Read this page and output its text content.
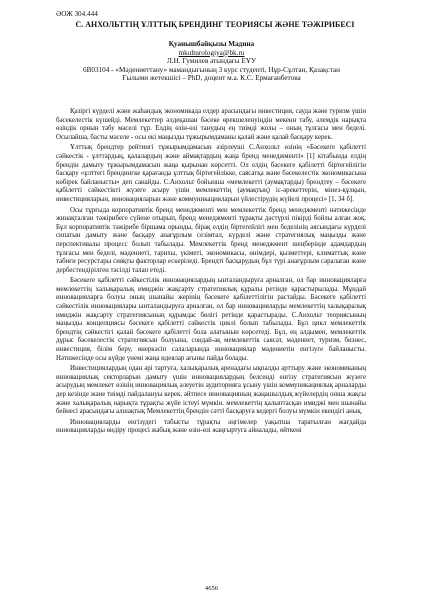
ӘОЖ 304.444
С. АНХОЛЬТТІҢ ҰЛТТЫҚ БРЕНДИНГ ТЕОРИЯСЫ ЖӘНЕ ТӘЖІРИБЕСІ
Қуанышбайқызы Мадина
mkulturologiya@bk.ru
Л.Н. Гумилев атындағы ЕҰУ
6В03104 - «Мәдениеттану» мамандығының 3 курс студенті, Нұр-Сұлтан, Қазақстан
Ғылыми жетекшісі – PhD, доцент м.а. К.С. Ермағанбетова

Қазіргі күрделі және жаһандық экономикада елдер арасындағы инвестиция, сауда және туризм үшін бәсекелестік күшейді. Мемлекеттер әлдеқашан бәсеке өрекшеленуіңдін мекенн табу, әлемдік нарықта өзіндік орнын табу мәселі тұр. Елдің өзін-өзі танудың ең тиімді жолы – оның тұлғасы мен беделі. Осылайша, басты мәселе - осы екі маңызды тұжырымдаманы қалай және қалай басқару керек.

Ұлттық брендтер рейтингі тұжырымдамасын әзірлеуші С.Анхольт өзінің «Бәсекеге қабілетті сәйкестік - ұлттардың, қалалардың және аймақтардың жаңа бренд менеджменті» [1] кітабында елдің брендін дамыту тұжырымдамасын жаңа қырынан көрсетті. Ол елдің бәсекеге қабілетті біртегейлігін басқару «ұлттегі брендингке қарағанда ұлттық біртегейлікке, саясатқа және бәсекелестік экономикасына көбірек байланысты» деп санайды. С.Анхольт бойынша «мемлекетті (аумақтарды) брендтеу – бәсекеге қабілетті сәйкестікті жүзеге асыру үшін мемлекеттің (аумақтың) іс-әрекеттерін, мінез-құлқын, инвестицияларын, инновацияларын және коммуникацияларын үйлестірудің жүйелі процесі» [1, 34 б].

Осы тұрғыда корпоративтік бренд менеджменті мен мемлекеттік бренд менеджменті нәтижесінде жинақталған тәжірибеге сүйене отырып, бренд менеджменті тұрақты дәстүрлі пікірді бойлы алған жоқ. Бұл корпоративтік тәжірибе біршама орынды, бірақ елдің біртегейлігі мен беделінің аясындағы күрделі сипатын дамыту және басқару анағұрлым сезімтал, күрделі және стратегиялық маңызды және перспективалы процесс болып табылады. Мемлекеттік бренд менеджмент шеңберінде адамдардың тұлғасы мен беделі, мәдениеті, тарихы, үкіметі, экономикасы, өнімдері, қызметтері, климаттық және табиғи ресурстары сияқты факторлар ескеріледі. Брендті басқарудың бұл түрі анағұрлым саралаған және дербестендірілген тәсілді талап етеді.

Бәсекеге қабілетті сәйкестілік инновациялардың ынталандыруға арналған, ол бар инновацияларға мемлекеттің халықаралық имиджін жақсарту стратегиялық құралы ретінде қарастырылады. Мұндай инновацияларға болуы оның шынайы жерінің бәсекеге қабілеттілігін растайды. Бәсекеге қабілетті сәйкестілік инновациялары ынталандыруға арналған, ол бар инновацияларды мемлекеттің халықаралық имиджін жақсарту стратегиясының құрамдас бөлігі ретінде қарастырады. С.Анхольт теориясының маңызды концепциясы бәсекеге қабілетті сәйкестік циклі болып табылады. Бұл цикл мемлекеттік брендтің сәйкестігі қалай бәсекеге қабілетті бола алатынын көрсетеді. Бұл, ең алдымен, мемлекеттік дұрыс бәсекелестік стратегиясын болуына, сондай-ақ мемлекеттік саясат, мәдениет, туризм, бизнес, инвестиция, білім беру, өнеркәсіп салаларында инновациялар мәдениетін енгізуге байланысты. Нәтижесінде осы күйде үнемі жаңа идеялар ағыны пайда болады.

Инвестициялардың одан әрі тартуға, халықаралық аренадағы ықпалды арттыру және экономиканың инновациялық секторларын дамыту үшін инновациялардың белсенді енгізу стратегиясын жүзеге асырудың мемлекет өзінің инновациялық әлеуетін аудиторияға ұсыну үшін коммуникациялық арналарды дер кезінде және тиімді пайдалануы керек, әйтпесе инновацияның жаңашылдық жүйелердің онша жақсы және халықаралық нарықта тұрақты жүйе істеуі мүмкін. мемлекеттің қалыптасқан имиджі мен шынайы бейнесі арасындағы алшақтық Мемлекеттің брендін сәтті басқаруға кедергі болуы мүмкін екендігі анық.

Инновацияларды енгізудегі табысты тұрақты әңгімелер уақытша таратылған жағдайда инновацияларды өндіру процесі жабық және өзін-өзі жаңғыртуға айналады, өйткені

4656
